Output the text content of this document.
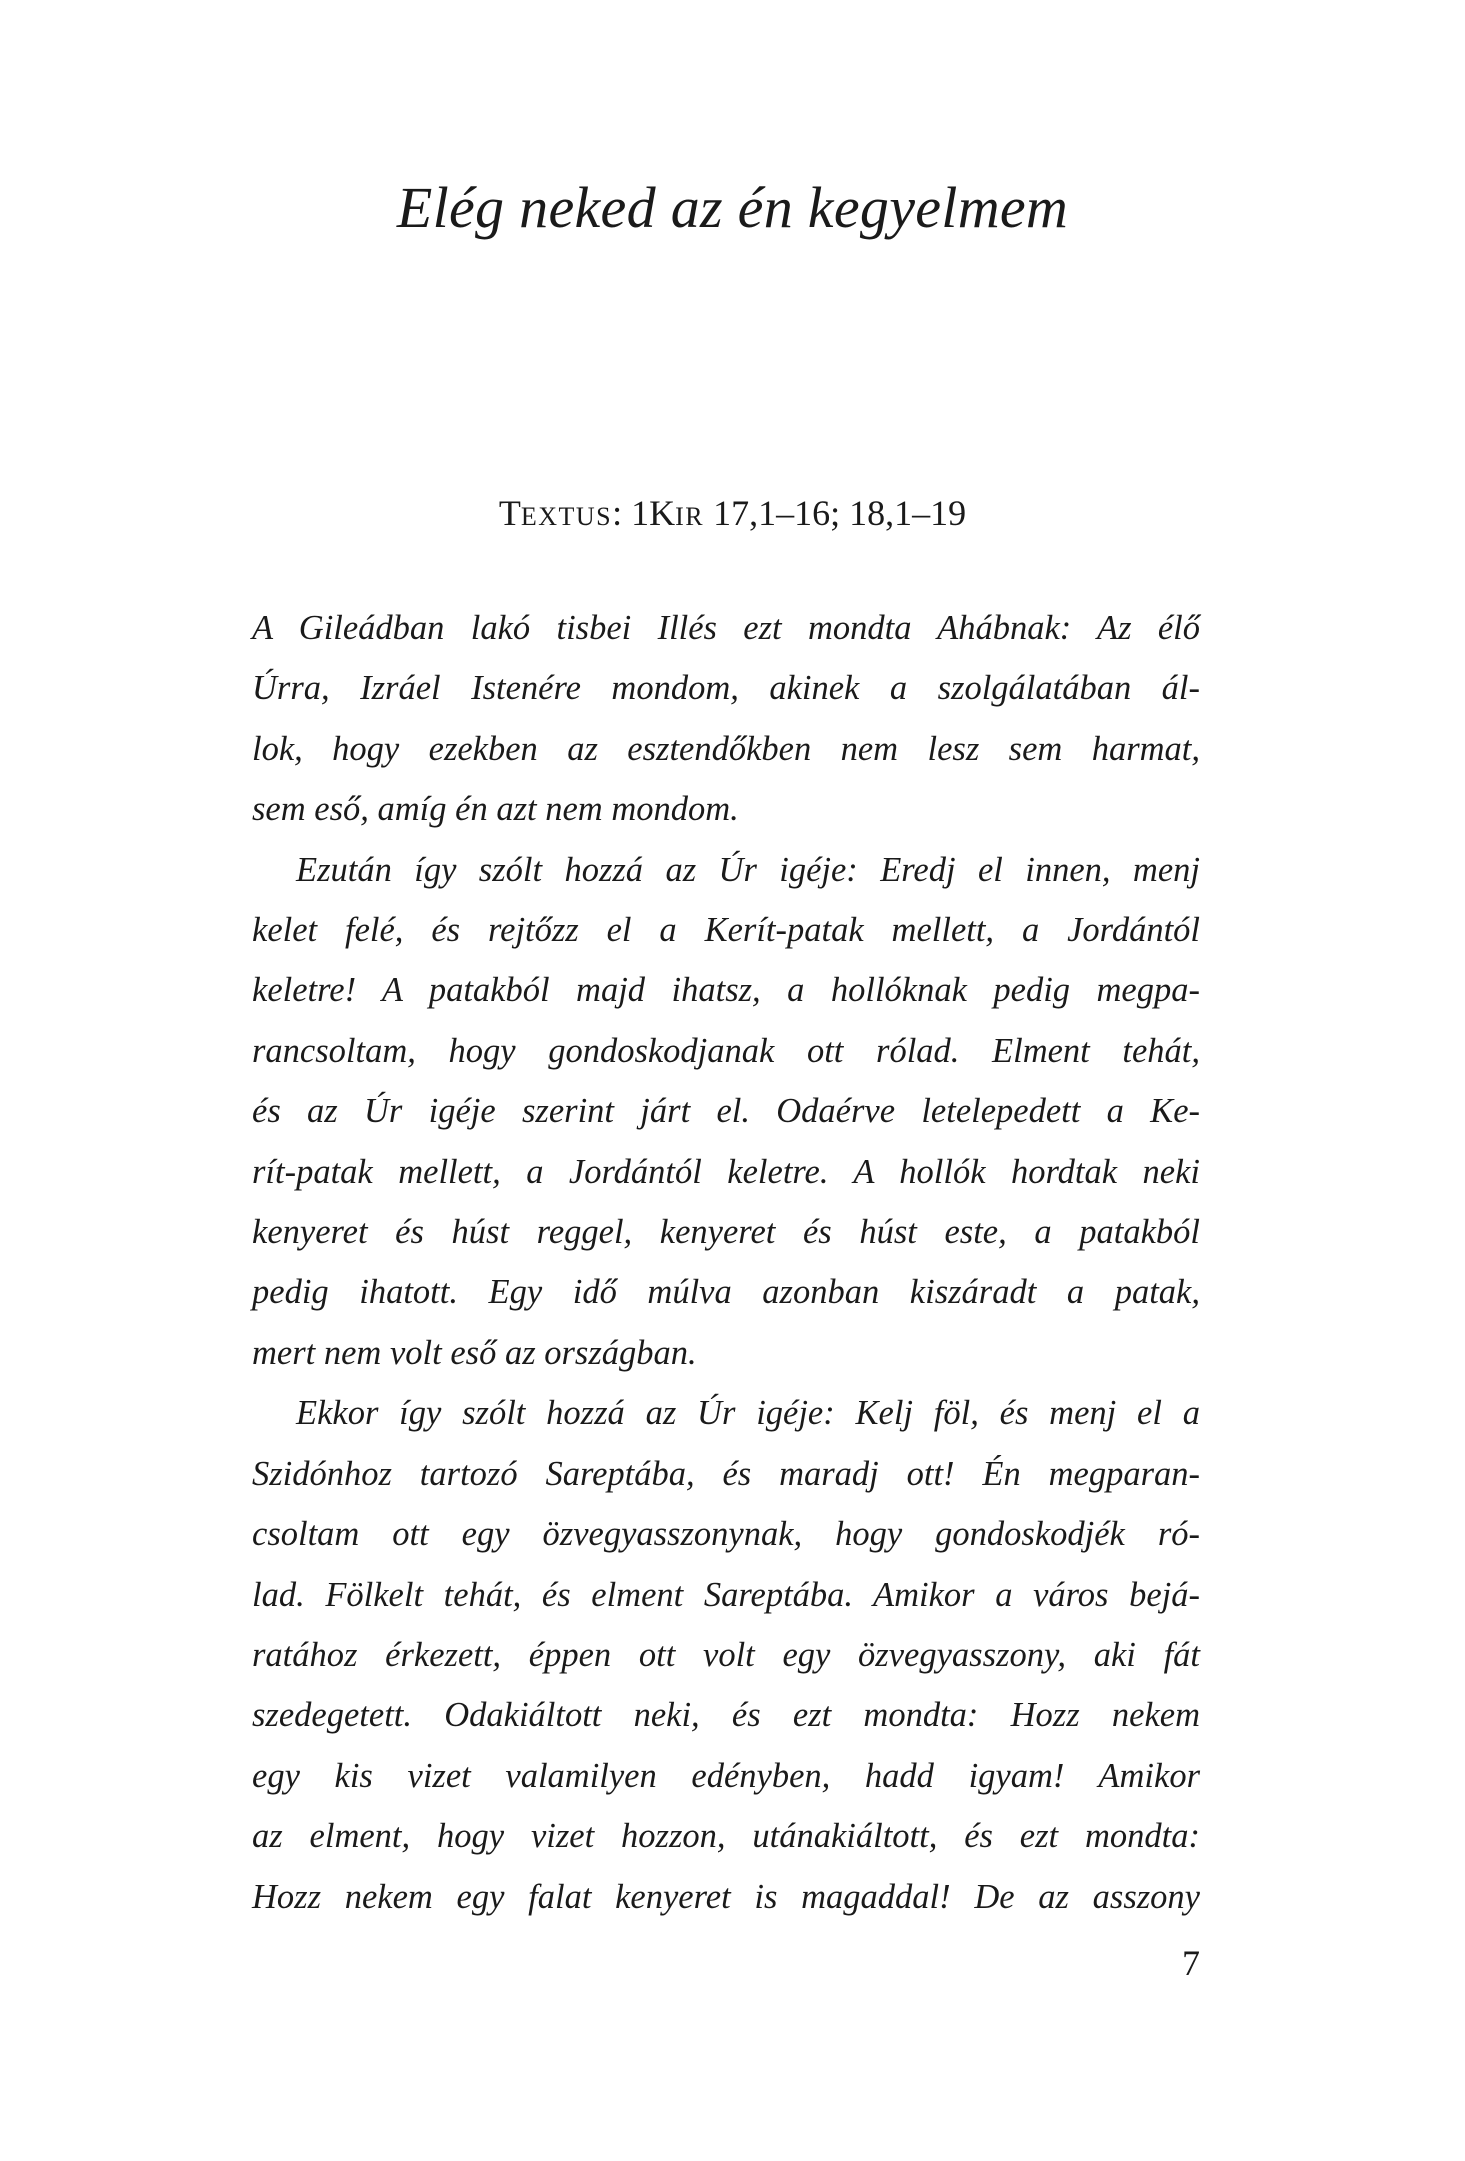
Elég neked az én kegyelmem
TEXTUS: 1KIR 17,1–16; 18,1–19
A Gileádban lakó tisbei Illés ezt mondta Ahábnak: Az élő
Úrra, Izráel Istenére mondom, akinek a szolgálatában ál-
lok, hogy ezekben az esztendőkben nem lesz sem harmat,
sem eső, amíg én azt nem mondom.
Ezután így szólt hozzá az Úr igéje: Eredj el innen, menj
kelet felé, és rejtőzz el a Kerít-patak mellett, a Jordántól
keletre! A patakból majd ihatsz, a hollóknak pedig megpa-
rancsoltam, hogy gondoskodjanak ott rólad. Elment tehát,
és az Úr igéje szerint járt el. Odaérve letelepedett a Ke-
rít-patak mellett, a Jordántól keletre. A hollók hordtak neki
kenyeret és húst reggel, kenyeret és húst este, a patakból
pedig ihatott. Egy idő múlva azonban kiszáradt a patak,
mert nem volt eső az országban.
Ekkor így szólt hozzá az Úr igéje: Kelj föl, és menj el a
Szidónhoz tartozó Sareptába, és maradj ott! Én megparan-
csoltam ott egy özvegyasszonynak, hogy gondoskodjék ró-
lad. Fölkelt tehát, és elment Sareptába. Amikor a város bejá-
ratához érkezett, éppen ott volt egy özvegyasszony, aki fát
szedegetett. Odakiáltott neki, és ezt mondta: Hozz nekem
egy kis vizet valamilyen edényben, hadd igyam! Amikor
az elment, hogy vizet hozzon, utánakiáltott, és ezt mondta:
Hozz nekem egy falat kenyeret is magaddal! De az asszony
7
